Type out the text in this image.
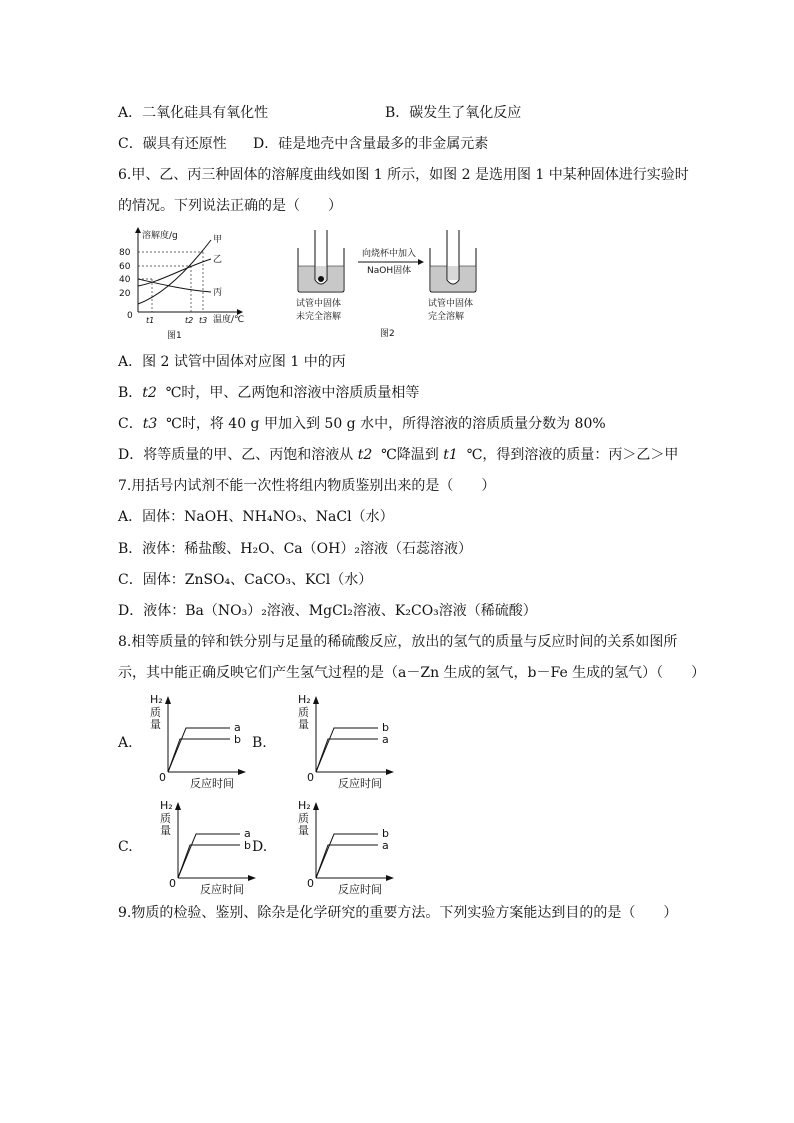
A．二氧化硅具有氧化性	B．碳发生了氧化反应
C．碳具有还原性 D．硅是地壳中含量最多的非金属元素
6.甲、乙、丙三种固体的溶解度曲线如图 1 所示，如图 2 是选用图 1 中某种固体进行实验时
的情况。下列说法正确的是（　　）
溶解度/g
温度/℃
0
80
60
40
20
t1	t2 t3
甲
乙
丙
图1
向烧杯中加入
NaOH固体
试管中固体
未完全溶解
试管中固体
完全溶解
图2
A．图 2 试管中固体对应图 1 中的丙
B．t2 ℃时，甲、乙两饱和溶液中溶质质量相等
C．t3 ℃时，将 40 g 甲加入到 50 g 水中，所得溶液的溶质质量分数为 80%
D．将等质量的甲、乙、丙饱和溶液从 t2 ℃降温到 t1 ℃，得到溶液的质量：丙＞乙＞甲
7.用括号内试剂不能一次性将组内物质鉴别出来的是（　　）
A．固体：NaOH、NH₄NO₃、NaCl（水）
B．液体：稀盐酸、H₂O、Ca（OH）₂溶液（石蕊溶液）
C．固体：ZnSO₄、CaCO₃、KCl（水）
D．液体：Ba（NO₃）₂溶液、MgCl₂溶液、K₂CO₃溶液（稀硫酸）
8.相等质量的锌和铁分别与足量的稀硫酸反应，放出的氢气的质量与反应时间的关系如图所
示，其中能正确反映它们产生氢气过程的是（a－Zn 生成的氢气，b－Fe 生成的氢气）（　　）
A.
H₂
质
量
0 反应时间
a
b B.
H₂
质
量
0 反应时间
b
a
C.
H₂
质
量
0 反应时间
a
b D.
H₂
质
量
0 反应时间
b
a
9.物质的检验、鉴别、除杂是化学研究的重要方法。下列实验方案能达到目的的是（　　）
